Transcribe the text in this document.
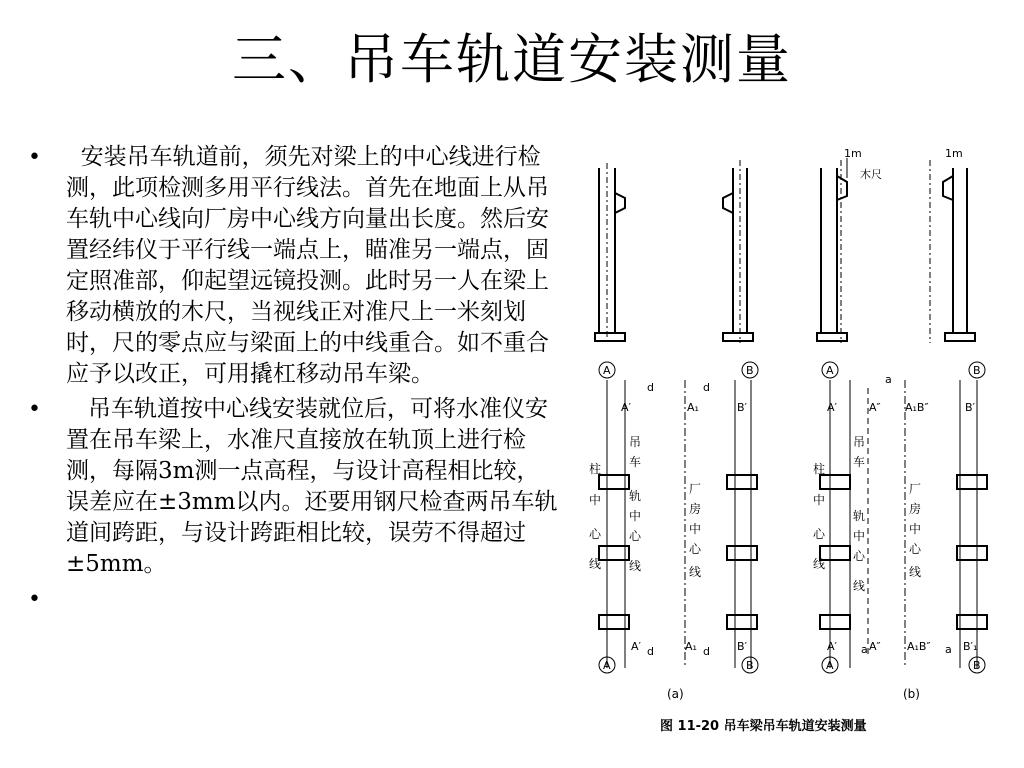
三、吊车轨道安装测量
• 安装吊车轨道前，须先对梁上的中心线进行检测，此项检测多用平行线法。首先在地面上从吊车轨中心线向厂房中心线方向量出长度。然后安置经纬仪于平行线一端点上，瞄准另一端点，固定照准部，仰起望远镜投测。此时另一人在梁上移动横放的木尺，当视线正对准尺上一米刻划时，尺的零点应与梁面上的中线重合。如不重合应予以改正，可用撬杠移动吊车梁。
• 吊车轨道按中心线安装就位后，可将水准仪安置在吊车梁上，水准尺直接放在轨顶上进行检测，每隔3m测一点高程，与设计高程相比较，误差应在±3mm以内。还要用钢尺检查两吊车轨道间跨距，与设计跨距相比较，误劳不得超过±5mm。
•
木尺
1m	1m
A	B
A	B
A	B
A	B
d	d
d	d
A′	A₁	B′
A′	A₁	B′
a
a	a
A′	A″ A₁B″	B′
A′	A″ A₁B″	B′₁
吊
车
轨
中
心
线
柱
中
心
线
厂
房
中
心
线
吊
车
轨
中
心
线
柱
中
心
线
厂
房
中
心
线
(a)	(b)
图 11-20 吊车梁吊车轨道安装测量
